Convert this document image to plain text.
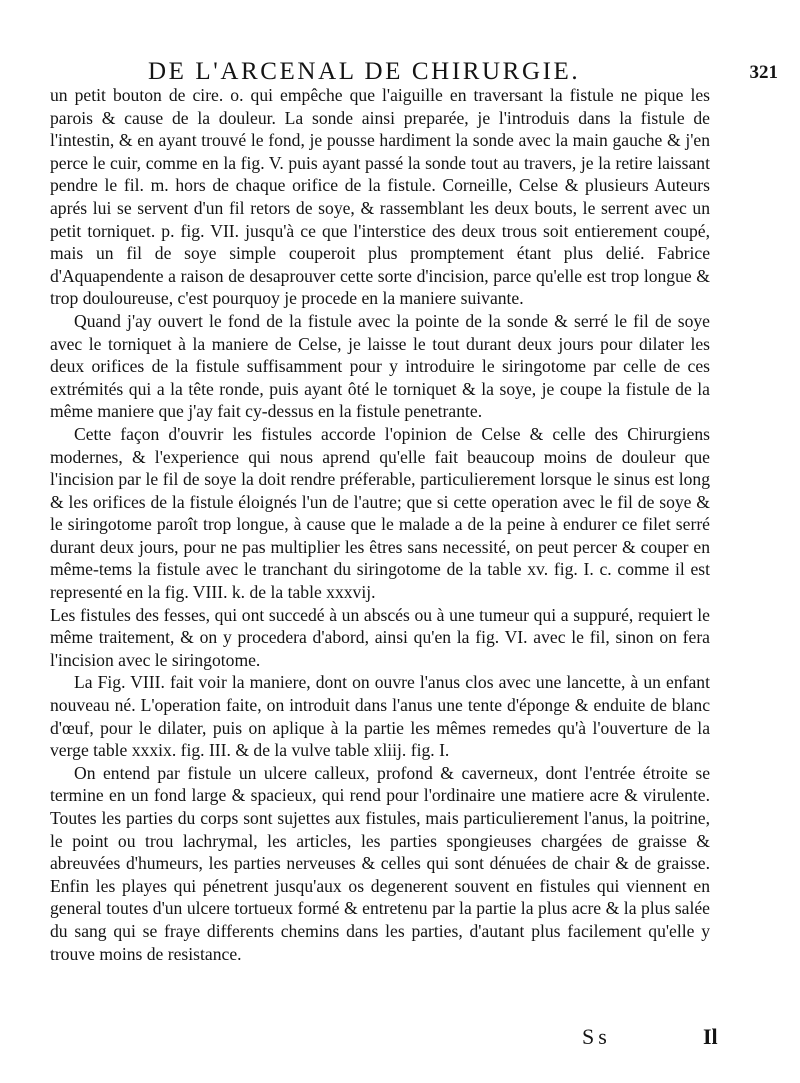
DE L'ARCENAL DE CHIRURGIE.	321

un petit bouton de cire. o. qui empêche que l'aiguille en traversant la fistule ne pique les parois & cause de la douleur. La sonde ainsi preparée, je l'introduis dans la fistule de l'intestin, & en ayant trouvé le fond, je pousse hardiment la sonde avec la main gauche & j'en perce le cuir, comme en la fig. V. puis ayant passé la sonde tout au travers, je la retire laissant pendre le fil. m. hors de chaque orifice de la fistule. Corneille, Celse & plusieurs Auteurs aprés lui se servent d'un fil retors de soye, & rassemblant les deux bouts, le serrent avec un petit torniquet. p. fig. VII. jusqu'à ce que l'interstice des deux trous soit entierement coupé, mais un fil de soye simple couperoit plus promptement étant plus delié. Fabrice d'Aquapendente a raison de desaprouver cette sorte d'incision, parce qu'elle est trop longue & trop douloureuse, c'est pourquoy je procede en la maniere suivante.

Quand j'ay ouvert le fond de la fistule avec la pointe de la sonde & serré le fil de soye avec le torniquet à la maniere de Celse, je laisse le tout durant deux jours pour dilater les deux orifices de la fistule suffisamment pour y introduire le siringotome par celle de ces extrémités qui a la tête ronde, puis ayant ôté le torniquet & la soye, je coupe la fistule de la même maniere que j'ay fait cy-dessus en la fistule penetrante.

Cette façon d'ouvrir les fistules accorde l'opinion de Celse & celle des Chirurgiens modernes, & l'experience qui nous aprend qu'elle fait beaucoup moins de douleur que l'incision par le fil de soye la doit rendre préferable, particulierement lorsque le sinus est long & les orifices de la fistule éloignés l'un de l'autre; que si cette operation avec le fil de soye & le siringotome paroît trop longue, à cause que le malade a de la peine à endurer ce filet serré durant deux jours, pour ne pas multiplier les êtres sans necessité, on peut percer & couper en même-tems la fistule avec le tranchant du siringotome de la table xv. fig. I. c. comme il est representé en la fig. VIII. k. de la table xxxvij.

Les fistules des fesses, qui ont succedé à un abscés ou à une tumeur qui a suppuré, requiert le même traitement, & on y procedera d'abord, ainsi qu'en la fig. VI. avec le fil, sinon on fera l'incision avec le siringotome.

La Fig. VIII. fait voir la maniere, dont on ouvre l'anus clos avec une lancette, à un enfant nouveau né. L'operation faite, on introduit dans l'anus une tente d'éponge & enduite de blanc d'œuf, pour le dilater, puis on aplique à la partie les mêmes remedes qu'à l'ouverture de la verge table xxxix. fig. III. & de la vulve table xliij. fig. I.

On entend par fistule un ulcere calleux, profond & caverneux, dont l'entrée étroite se termine en un fond large & spacieux, qui rend pour l'ordinaire une matiere acre & virulente. Toutes les parties du corps sont sujettes aux fistules, mais particulierement l'anus, la poitrine, le point ou trou lachrymal, les articles, les parties spongieuses chargées de graisse & abreuvées d'humeurs, les parties nerveuses & celles qui sont dénuées de chair & de graisse. Enfin les playes qui pénetrent jusqu'aux os degenerent souvent en fistules qui viennent en general toutes d'un ulcere tortueux formé & entretenu par la partie la plus acre & la plus salée du sang qui se fraye differents chemins dans les parties, d'autant plus facilement qu'elle y trouve moins de resistance.

Ss	Il
